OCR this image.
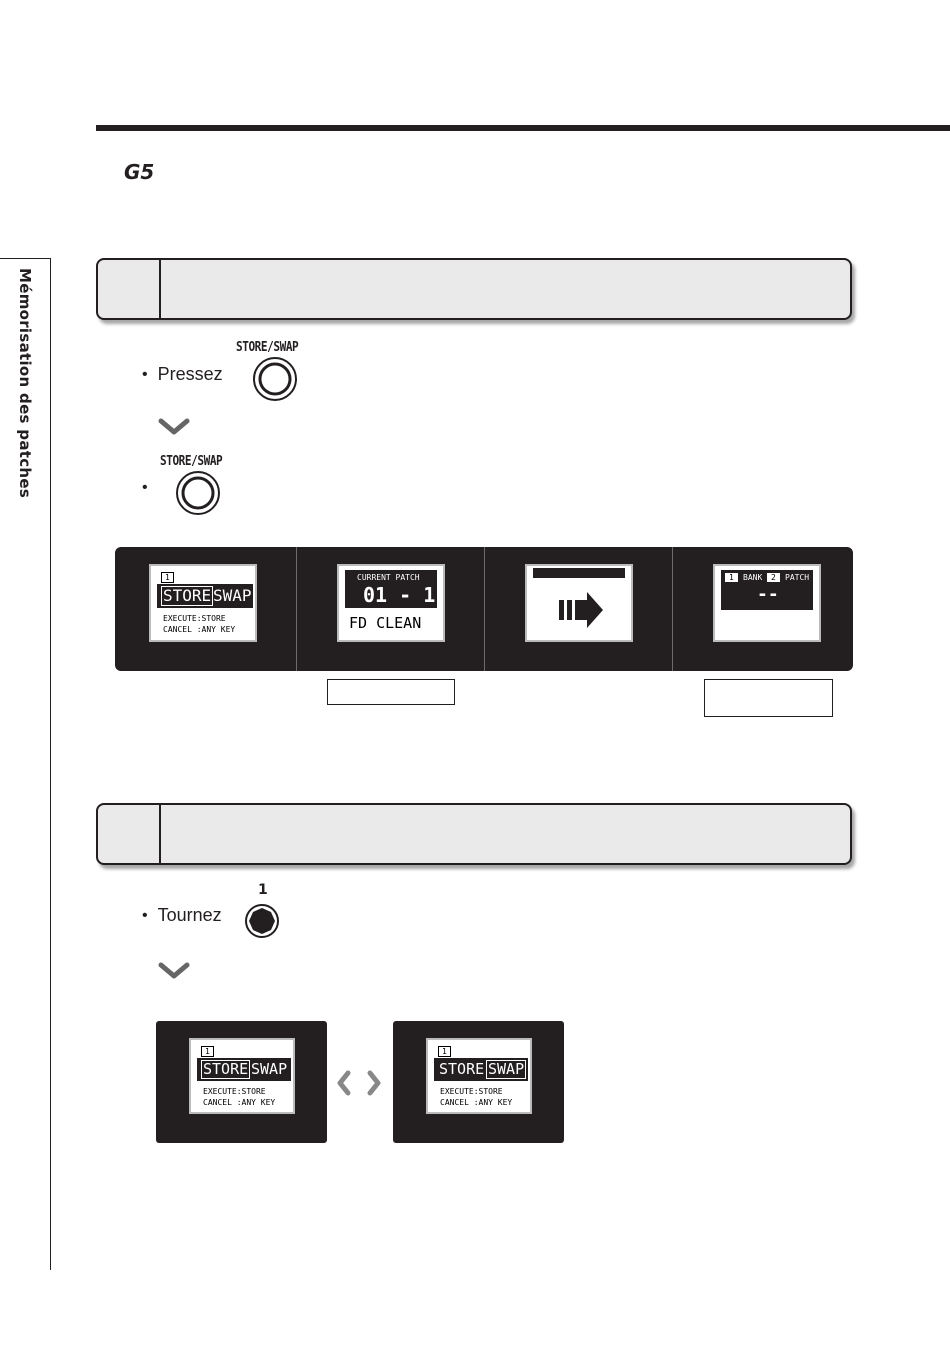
G5
Mémorisation des patches	STORE/SWAP
• Pressez
STORE/SWAP
•
1
STORE SWAP
EXECUTE:STORE
CANCEL :ANY KEY
CURRENT PATCH
01 - 1
FD CLEAN
1	BANK	2	PATCH
--
1
• Tournez
1
STORE SWAP
EXECUTE:STORE
CANCEL :ANY KEY
1
STORE SWAP
EXECUTE:STORE
CANCEL :ANY KEY
